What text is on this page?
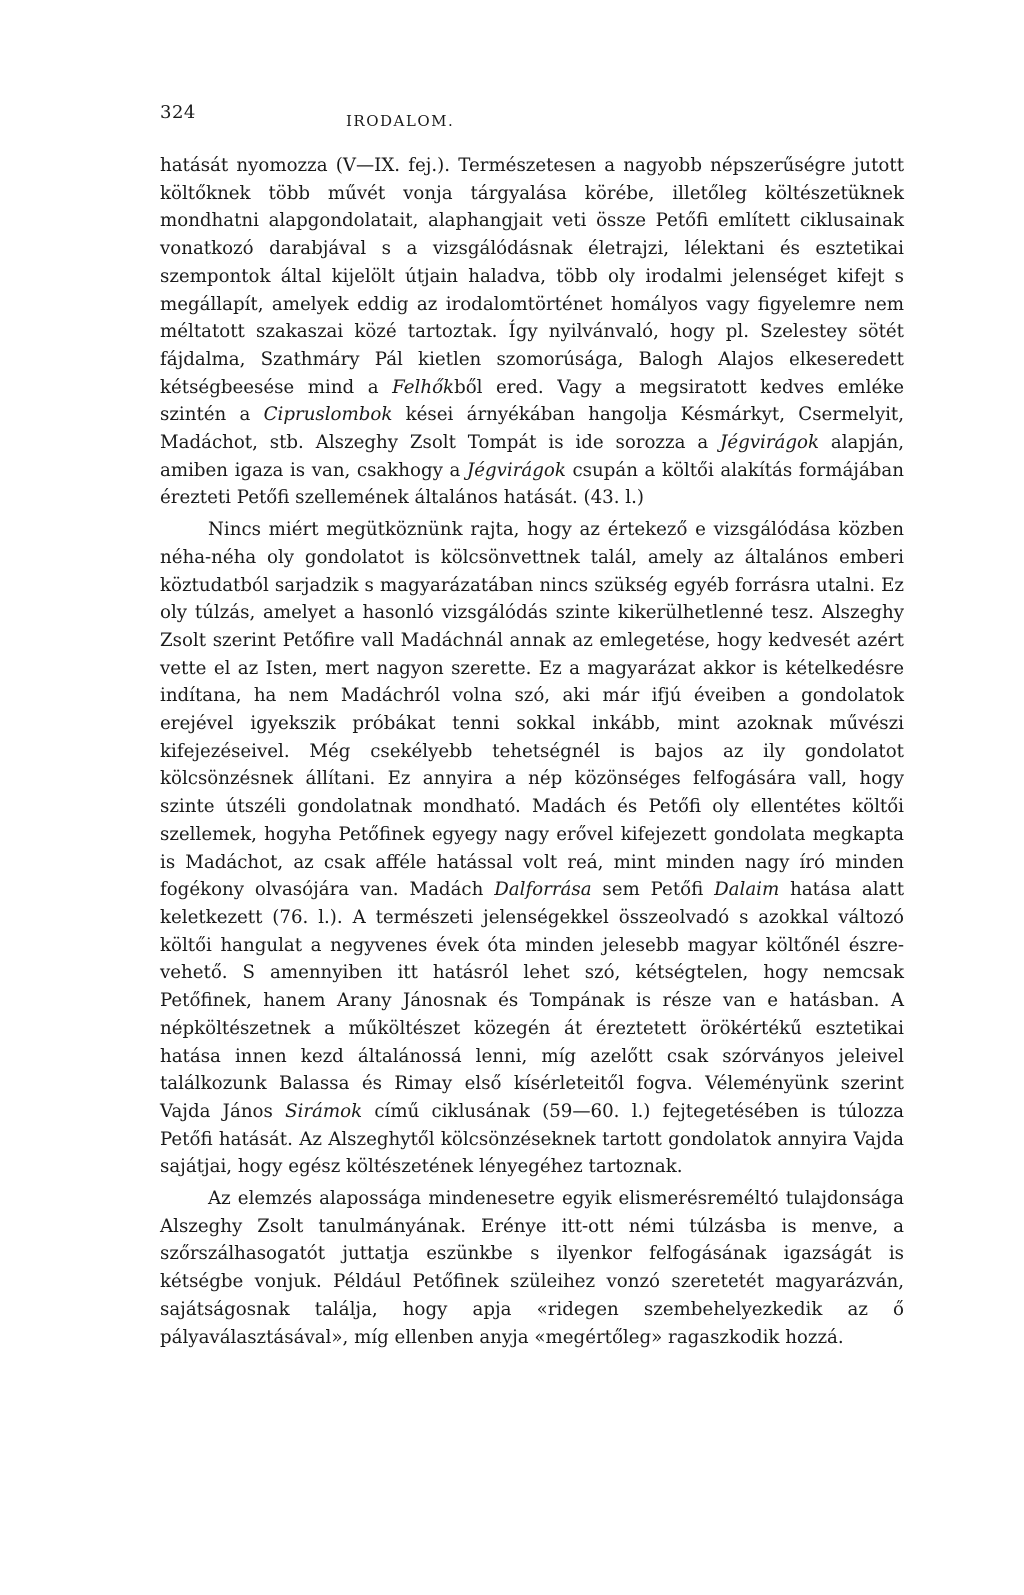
324	IRODALOM.

hatását nyomozza (V—IX. fej.). Természetesen a nagyobb népszerűségre jutott költőknek több művét vonja tárgyalása körébe, illetőleg költészetüknek mondhatni alapgondolatait, alaphangjait veti össze Petőfi említett ciklusainak vonatkozó darabjával s a vizsgálódásnak életrajzi, lélektani és esztetikai szempontok által kijelölt útjain haladva, több oly irodalmi jelenséget kifejt s megállapít, amelyek eddig az irodalomtörténet homályos vagy figyelemre nem méltatott szakaszai közé tartoztak. Így nyilvánvaló, hogy pl. Szelestey sötét fájdalma, Szathmáry Pál kietlen szomorúsága, Balogh Alajos elkeseredett kétségbeesése mind a Felhőkből ered. Vagy a megsiratott kedves emléke szintén a Cipruslombok kései árnyékában hangolja Késmárkyt, Csermelyit, Madáchot, stb. Alszeghy Zsolt Tompát is ide sorozza a Jégvirágok alapján, amiben igaza is van, csakhogy a Jégvirágok csupán a költői alakítás formájában érezteti Petőfi szellemének általános hatását. (43. l.)

Nincs miért megütköznünk rajta, hogy az értekező e vizsgálódása közben néha-néha oly gondolatot is kölcsönvettnek talál, amely az általános emberi köztudatból sarjadzik s magyarázatában nincs szükség egyéb forrásra utalni. Ez oly túlzás, amelyet a hasonló vizsgálódás szinte kikerülhetlenné tesz. Alszeghy Zsolt szerint Petőfire vall Madáchnál annak az emlegetése, hogy kedvesét azért vette el az Isten, mert nagyon szerette. Ez a magyarázat akkor is kételkedésre indítana, ha nem Madáchról volna szó, aki már ifjú éveiben a gondolatok erejével igyekszik próbákat tenni sokkal inkább, mint azoknak művészi kifejezéseivel. Még csekélyebb tehetségnél is bajos az ily gondolatot kölcsönzésnek állítani. Ez annyira a nép közönséges felfogására vall, hogy szinte útszéli gondolatnak mondható. Madách és Petőfi oly ellentétes költői szellemek, hogyha Petőfinek egyegy nagy erővel kifejezett gondolata megkapta is Madáchot, az csak afféle hatással volt reá, mint minden nagy író minden fogékony olvasójára van. Madách Dalforrása sem Petőfi Dalaim hatása alatt keletkezett (76. l.). A természeti jelenségekkel összeolvadó s azokkal változó költői hangulat a negyvenes évek óta minden jelesebb magyar költőnél észrevehető. S amennyiben itt hatásról lehet szó, kétségtelen, hogy nemcsak Petőfinek, hanem Arany Jánosnak és Tompának is része van e hatásban. A népköltészetnek a műköltészet közegén át éreztetett örökértékű esztetikai hatása innen kezd általánossá lenni, míg azelőtt csak szórványos jeleivel találkozunk Balassa és Rimay első kísérleteitől fogva. Véleményünk szerint Vajda János Sirámok című ciklusának (59—60. l.) fejtegetésében is túlozza Petőfi hatását. Az Alszeghytől kölcsönzéseknek tartott gondolatok annyira Vajda sajátjai, hogy egész költészetének lényegéhez tartoznak.

Az elemzés alapossága mindenesetre egyik elismerésreméltó tulajdonsága Alszeghy Zsolt tanulmányának. Erénye itt-ott némi túlzásba is menve, a szőrszálhasogatót juttatja eszünkbe s ilyenkor felfogásának igazságát is kétségbe vonjuk. Például Petőfinek szüleihez vonzó szeretetét magyarázván, sajátságosnak találja, hogy apja «ridegen szembehelyezkedik az ő pályaválasztásával», míg ellenben anyja «megértőleg» ragaszkodik hozzá.
